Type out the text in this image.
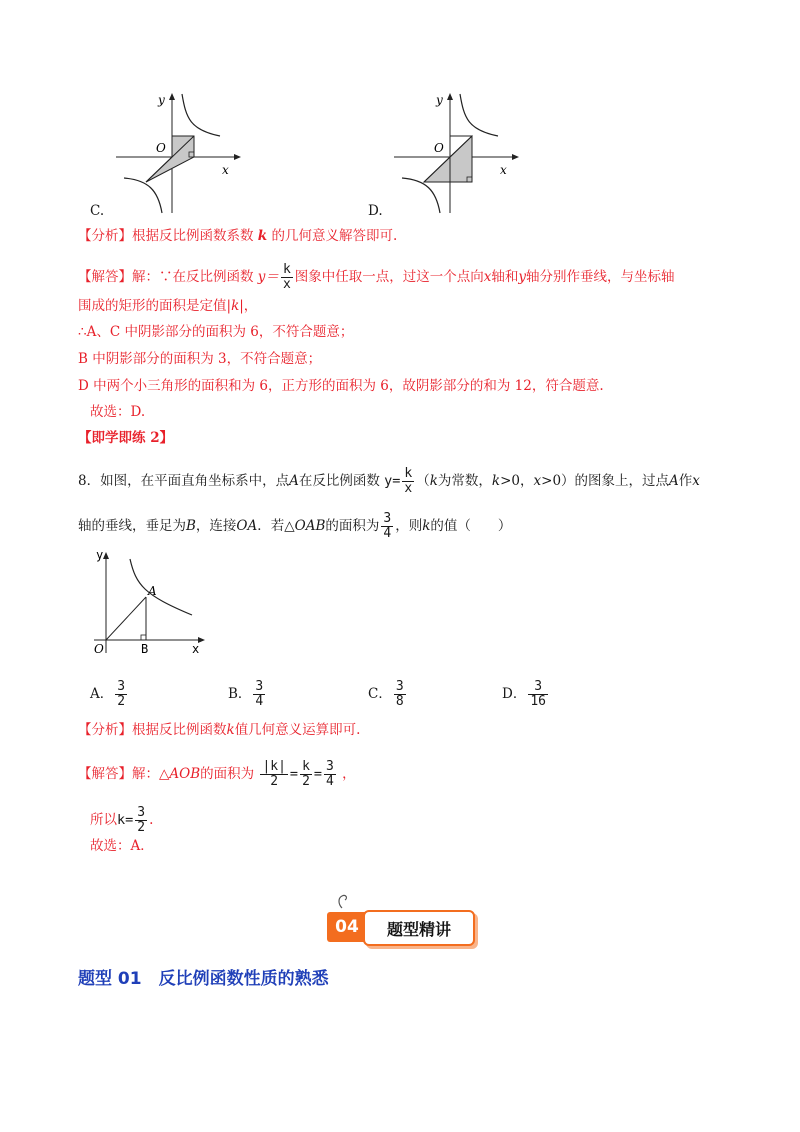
y
x
O
C.
y
x
O
D.
【分析】根据反比例函数系数 k 的几何意义解答即可.
【解答】解：∵在反比例函数 $y= \frac{k}{x}$ 图象中任取一点，过这一个点向x轴和y轴分别作垂线，与坐标轴
围成的矩形的面积是定值|k|，
∴A、C 中阴影部分的面积为 6，不符合题意；
B 中阴影部分的面积为 3，不符合题意；
D 中两个小三角形的面积和为 6，正方形的面积为 6，故阴影部分的和为 12，符合题意.
故选：D.
【即学即练 2】
8．如图，在平面直角坐标系中，点A在反比例函数 $y= \frac{k}{x} (k$为常数，k>0，x>0）的图象上，过点A作x
轴的垂线，垂足为B，连接OA．若△OAB的面积为 $\frac{3}{4}$ ，则k的值（　　）
y
x
O
A
B
A． $\frac{3}{2}$	B． $\frac{3}{4}$	C． $\frac{3}{8}$	D． $\frac{3}{16}$
【分析】根据反比例函数k值几何意义运算即可.
【解答】解：△AOB的面积为 $\frac{|k|}{2} = \frac{k}{2} = \frac{3}{4}$ ，
所以$k= \frac{3}{2}$ .
故选：A．
04	题型精讲
题型 01　反比例函数性质的熟悉
